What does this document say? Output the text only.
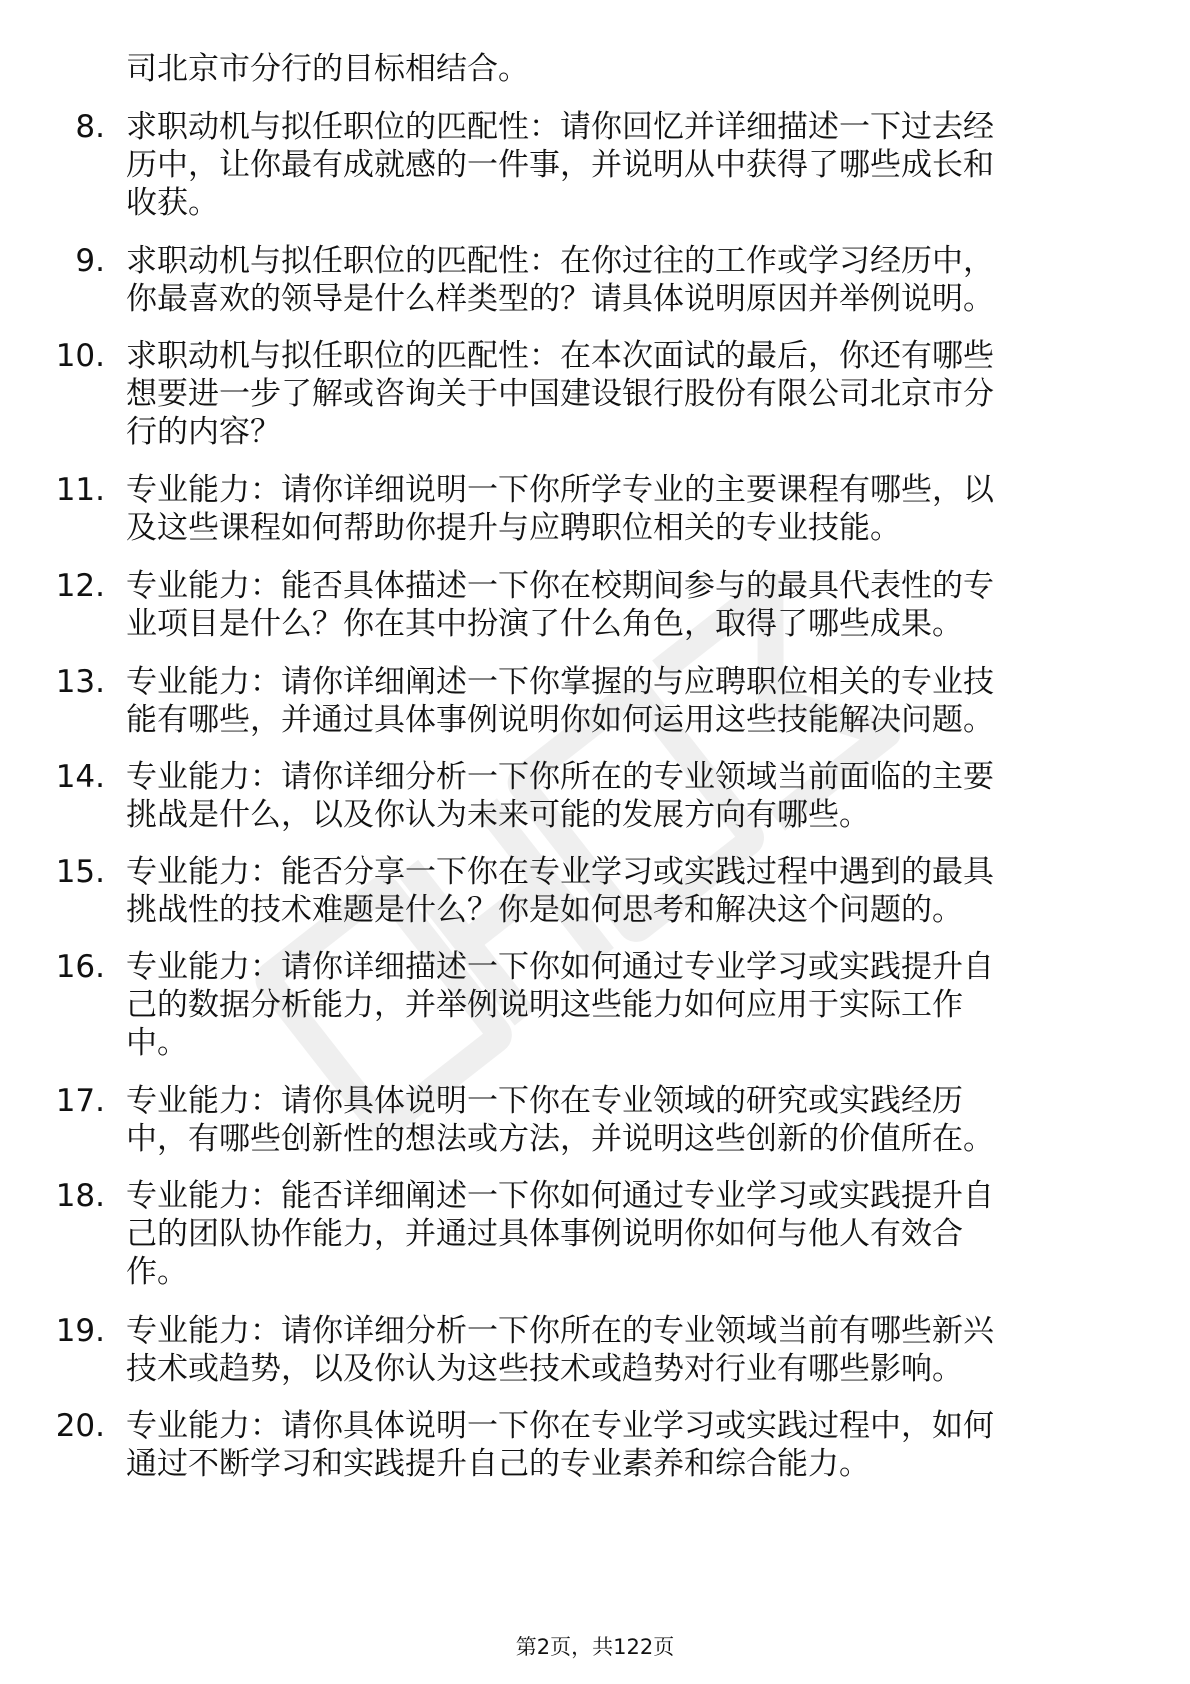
司北京市分行的目标相结合。
8. 求职动机与拟任职位的匹配性：请你回忆并详细描述一下过去经
历中，让你最有成就感的一件事，并说明从中获得了哪些成长和
收获。
9. 求职动机与拟任职位的匹配性：在你过往的工作或学习经历中，
你最喜欢的领导是什么样类型的？请具体说明原因并举例说明。
10. 求职动机与拟任职位的匹配性：在本次面试的最后，你还有哪些
想要进一步了解或咨询关于中国建设银行股份有限公司北京市分
行的内容？
11. 专业能力：请你详细说明一下你所学专业的主要课程有哪些，以
及这些课程如何帮助你提升与应聘职位相关的专业技能。
12. 专业能力：能否具体描述一下你在校期间参与的最具代表性的专
业项目是什么？你在其中扮演了什么角色，取得了哪些成果。
13. 专业能力：请你详细阐述一下你掌握的与应聘职位相关的专业技
能有哪些，并通过具体事例说明你如何运用这些技能解决问题。
14. 专业能力：请你详细分析一下你所在的专业领域当前面临的主要
挑战是什么，以及你认为未来可能的发展方向有哪些。
15. 专业能力：能否分享一下你在专业学习或实践过程中遇到的最具
挑战性的技术难题是什么？你是如何思考和解决这个问题的。
16. 专业能力：请你详细描述一下你如何通过专业学习或实践提升自
己的数据分析能力，并举例说明这些能力如何应用于实际工作
中。
17. 专业能力：请你具体说明一下你在专业领域的研究或实践经历
中，有哪些创新性的想法或方法，并说明这些创新的价值所在。
18. 专业能力：能否详细阐述一下你如何通过专业学习或实践提升自
己的团队协作能力，并通过具体事例说明你如何与他人有效合
作。
19. 专业能力：请你详细分析一下你所在的专业领域当前有哪些新兴
技术或趋势，以及你认为这些技术或趋势对行业有哪些影响。
20. 专业能力：请你具体说明一下你在专业学习或实践过程中，如何
通过不断学习和实践提升自己的专业素养和综合能力。
第2页，共122页
